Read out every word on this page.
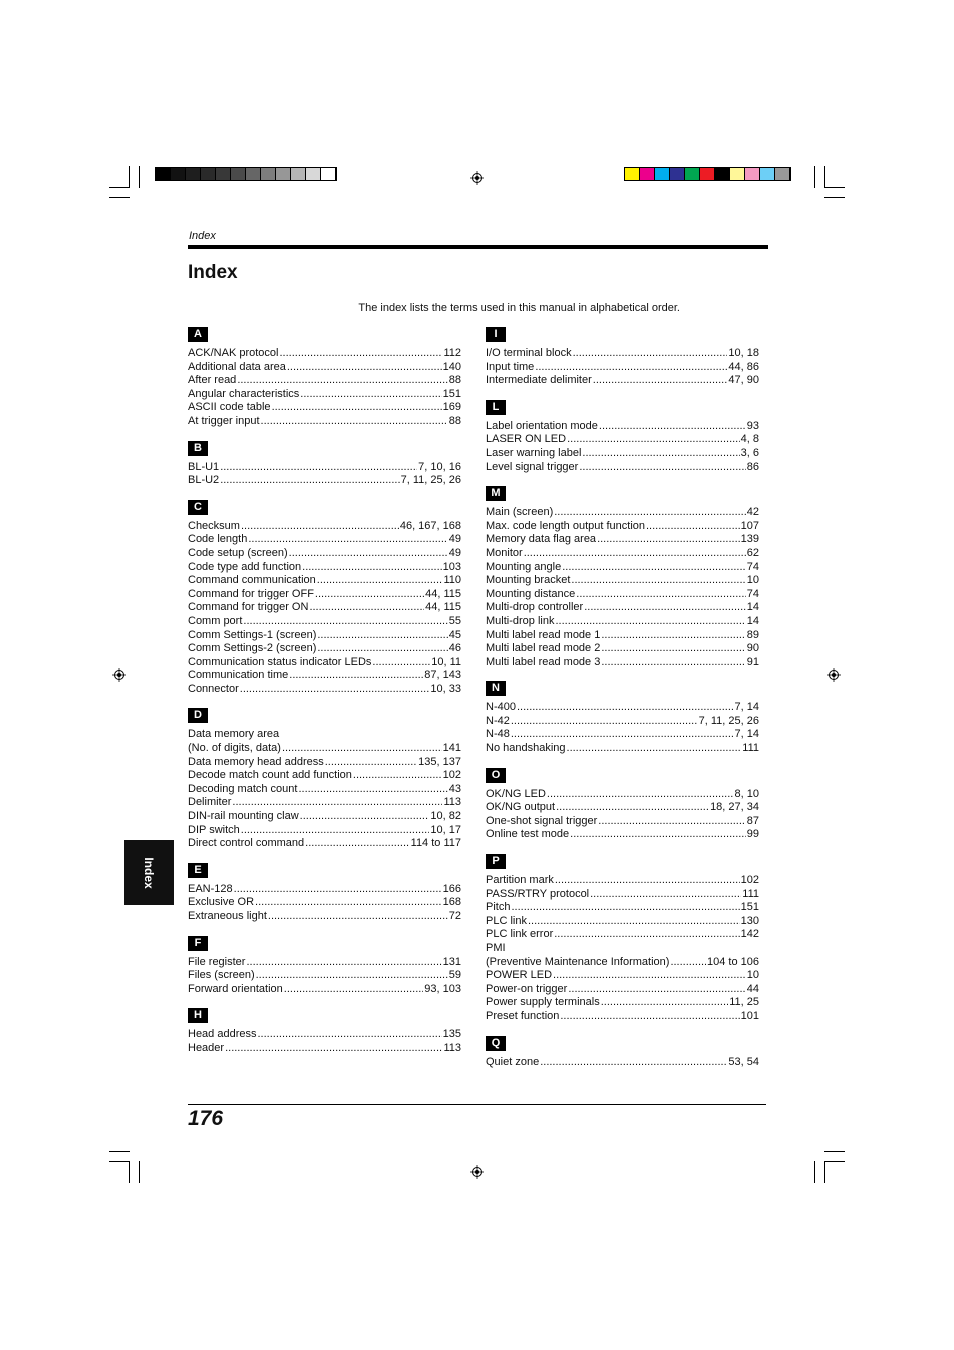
Index
Index
The index lists the terms used in this manual in alphabetical order.
A
ACK/NAK protocol .....	112
Additional data area .....	140
After read .....	88
Angular characteristics .....	151
ASCII code table .....	169
At trigger input .....	88
B
BL-U1 .....	7, 10, 16
BL-U2 .....	7, 11, 25, 26
C
Checksum .....	46, 167, 168
Code length .....	49
Code setup (screen) .....	49
Code type add function .....	103
Command communication .....	110
Command for trigger OFF .....	44, 115
Command for trigger ON .....	44, 115
Comm port .....	55
Comm Settings-1 (screen) .....	45
Comm Settings-2 (screen) .....	46
Communication status indicator LEDs .....	10, 11
Communication time .....	87, 143
Connector .....	10, 33
D
Data memory area
(No. of digits, data) .....	141
Data memory head address .....	135, 137
Decode match count add function .....	102
Decoding match count .....	43
Delimiter .....	113
DIN-rail mounting claw .....	10, 82
DIP switch .....	10, 17
Direct control command .....	114 to 117
E
EAN-128 .....	166
Exclusive OR .....	168
Extraneous light .....	72
F
File register .....	131
Files (screen) .....	59
Forward orientation .....	93, 103
H
Head address .....	135
Header .....	113
I
I/O terminal block .....	10, 18
Input time .....	44, 86
Intermediate delimiter .....	47, 90
L
Label orientation mode .....	93
LASER ON LED .....	4, 8
Laser warning label .....	3, 6
Level signal trigger .....	86
M
Main (screen) .....	42
Max. code length output function .....	107
Memory data flag area .....	139
Monitor .....	62
Mounting angle .....	74
Mounting bracket .....	10
Mounting distance .....	74
Multi-drop controller .....	14
Multi-drop link .....	14
Multi label read mode 1 .....	89
Multi label read mode 2 .....	90
Multi label read mode 3 .....	91
N
N-400 .....	7, 14
N-42 .....	7, 11, 25, 26
N-48 .....	7, 14
No handshaking .....	111
O
OK/NG LED .....	8, 10
OK/NG output .....	18, 27, 34
One-shot signal trigger .....	87
Online test mode .....	99
P
Partition mark .....	102
PASS/RTRY protocol .....	111
Pitch .....	151
PLC link .....	130
PLC link error .....	142
PMI
(Preventive Maintenance Information) .....	104 to 106
POWER LED .....	10
Power-on trigger .....	44
Power supply terminals .....	11, 25
Preset function .....	101
Q
Quiet zone .....	53, 54
Index
176
